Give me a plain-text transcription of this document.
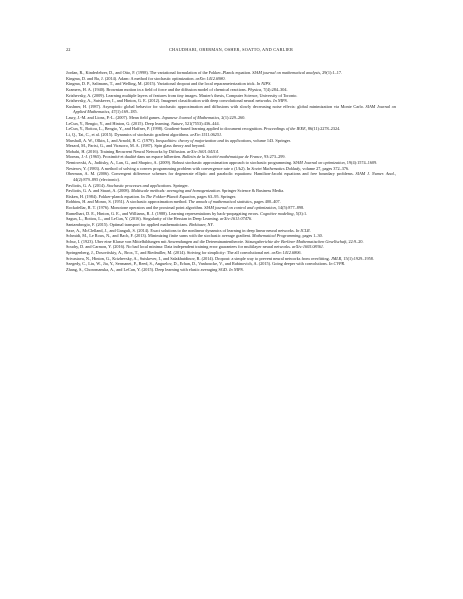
22	CHAUDHARI, OBERMAN, OSHER, SOATTO, AND CARLIER
Jordan, R., Kinderlehrer, D., and Otto, F. (1998). The variational formulation of the Fokker–Planck equation. SIAM journal on mathematical analysis, 29(1):1–17.
Kingma, D. and Ba, J. (2014). Adam: A method for stochastic optimization. arXiv:1412.6980.
Kingma, D. P., Salimans, T., and Welling, M. (2015). Variational dropout and the local reparameterization trick. In NIPS.
Kramers, H. A. (1940). Brownian motion in a field of force and the diffusion model of chemical reactions. Physica, 7(4):284–304.
Krizhevsky, A. (2009). Learning multiple layers of features from tiny images. Master's thesis, Computer Science, University of Toronto.
Krizhevsky, A., Sutskever, I., and Hinton, G. E. (2012). Imagenet classification with deep convolutional neural networks. In NIPS.
Kushner, H. (1987). Asymptotic global behavior for stochastic approximation and diffusions with slowly decreasing noise effects: global minimization via Monte Carlo. SIAM Journal on Applied Mathematics, 47(1):169–185.
Lasry, J.-M. and Lions, P.-L. (2007). Mean field games. Japanese Journal of Mathematics, 2(1):229–260.
LeCun, Y., Bengio, Y., and Hinton, G. (2015). Deep learning. Nature, 521(7553):436–444.
LeCun, Y., Bottou, L., Bengio, Y., and Haffner, P. (1998). Gradient-based learning applied to document recognition. Proceedings of the IEEE, 86(11):2278–2324.
Li, Q., Tai, C., et al. (2015). Dynamics of stochastic gradient algorithms. arXiv:1511.06251.
Marshall, A. W., Olkin, I., and Arnold, B. C. (1979). Inequalities: theory of majorization and its applications, volume 143. Springer.
Mezard, M., Parisi, G., and Virasoro, M. A. (1987). Spin glass theory and beyond.
Mobahi, H. (2016). Training Recurrent Neural Networks by Diffusion. arXiv:1601.04114.
Moreau, J.-J. (1965). Proximité et dualité dans un espace hilbertien. Bulletin de la Société mathématique de France, 93:273–299.
Nemirovski, A., Juditsky, A., Lan, G., and Shapiro, A. (2009). Robust stochastic approximation approach to stochastic programming. SIAM Journal on optimization, 19(4):1574–1609.
Nesterov, Y. (1983). A method of solving a convex programming problem with convergence rate o (1/k2). In Soviet Mathematics Doklady, volume 27, pages 372–376.
Oberman, A. M. (2006). Convergent difference schemes for degenerate elliptic and parabolic equations: Hamilton-Jacobi equations and free boundary problems. SIAM J. Numer. Anal., 44(2):879–895 (electronic).
Pavliotis, G. A. (2014). Stochastic processes and applications. Springer.
Pavliotis, G. A. and Stuart, A. (2008). Multiscale methods: averaging and homogenization. Springer Science & Business Media.
Risken, H. (1984). Fokker-planck equation. In The Fokker-Planck Equation, pages 63–95. Springer.
Robbins, H. and Monro, S. (1951). A stochastic approximation method. The annals of mathematical statistics, pages 400–407.
Rockafellar, R. T. (1976). Monotone operators and the proximal point algorithm. SIAM journal on control and optimization, 14(5):877–898.
Rumelhart, D. E., Hinton, G. E., and Williams, R. J. (1988). Learning representations by back-propagating errors. Cognitive modeling, 5(3):1.
Sagun, L., Bottou, L., and LeCun, Y. (2016). Singularity of the Hessian in Deep Learning. arXiv:1611:07476.
Santambrogio, F. (2015). Optimal transport for applied mathematicians. Birkäuser, NY.
Saxe, A., McClelland, J., and Ganguli, S. (2014). Exact solutions to the nonlinear dynamics of learning in deep linear neural networks. In ICLR.
Schmidt, M., Le Roux, N., and Bach, F. (2013). Minimizing finite sums with the stochastic average gradient. Mathematical Programming, pages 1–30.
Schur, I. (1923). Uber eine Klasse von Mittelbildungen mit Anwendungen auf die Determinantentheorie. Sitzungsberichte der Berliner Mathematischen Gesellschaft, 22:9–20.
Soudry, D. and Carmon, Y. (2016). No bad local minima: Data independent training error guarantees for multilayer neural networks. arXiv:1605.08361.
Springenberg, J., Dosovitskiy, A., Brox, T., and Riedmiller, M. (2014). Striving for simplicity: The all convolutional net. arXiv:1412.6806.
Srivastava, N., Hinton, G., Krizhevsky, A., Sutskever, I., and Salakhutdinov, R. (2014). Dropout: a simple way to prevent neural networks from overfitting. JMLR, 15(1):1929–1958.
Szegedy, C., Liu, W., Jia, Y., Sermanet, P., Reed, S., Anguelov, D., Erhan, D., Vanhoucke, V., and Rabinovich, A. (2015). Going deeper with convolutions. In CVPR.
Zhang, S., Choromanska, A., and LeCun, Y. (2015). Deep learning with elastic averaging SGD. In NIPS.
